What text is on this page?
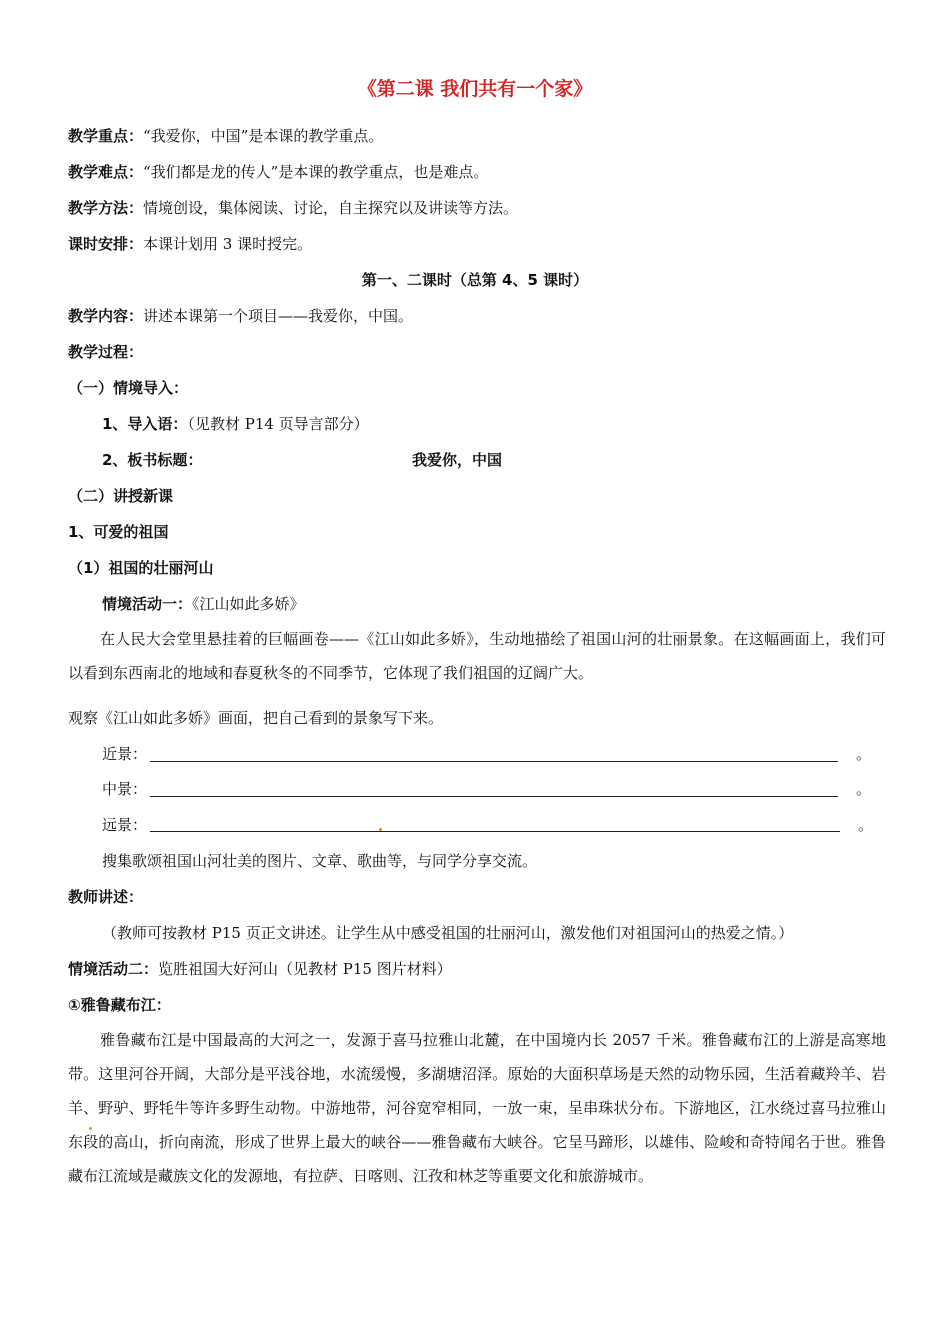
《第二课 我们共有一个家》
教学重点：“我爱你，中国”是本课的教学重点。
教学难点：“我们都是龙的传人”是本课的教学重点，也是难点。
教学方法：情境创设，集体阅读、讨论，自主探究以及讲读等方法。
课时安排：本课计划用 3 课时授完。
第一、二课时（总第 4、5 课时）
教学内容：讲述本课第一个项目——我爱你，中国。
教学过程：
（一）情境导入：
1、导入语：（见教材 P14 页导言部分）
2、板书标题：	我爱你，中国
（二）讲授新课
1、可爱的祖国
（1）祖国的壮丽河山
情境活动一：《江山如此多娇》
在人民大会堂里悬挂着的巨幅画卷——《江山如此多娇》，生动地描绘了祖国山河的壮丽景象。在这幅画面上，我们可以看到东西南北的地域和春夏秋冬的不同季节，它体现了我们祖国的辽阔广大。
观察《江山如此多娇》画面，把自己看到的景象写下来。
近景：	。
中景：	。
远景：	。
搜集歌颂祖国山河壮美的图片、文章、歌曲等，与同学分享交流。
教师讲述：
（教师可按教材 P15 页正文讲述。让学生从中感受祖国的壮丽河山，激发他们对祖国河山的热爱之情。）
情境活动二：览胜祖国大好河山（见教材 P15 图片材料）
①雅鲁藏布江：
雅鲁藏布江是中国最高的大河之一，发源于喜马拉雅山北麓，在中国境内长 2057 千米。雅鲁藏布江的上游是高寒地带。这里河谷开阔，大部分是平浅谷地，水流缓慢，多湖塘沼泽。原始的大面积草场是天然的动物乐园，生活着藏羚羊、岩羊、野驴、野牦牛等许多野生动物。中游地带，河谷宽窄相同，一放一束，呈串珠状分布。下游地区，江水绕过喜马拉雅山东段的高山，折向南流，形成了世界上最大的峡谷——雅鲁藏布大峡谷。它呈马蹄形，以雄伟、险峻和奇特闻名于世。雅鲁藏布江流域是藏族文化的发源地，有拉萨、日喀则、江孜和林芝等重要文化和旅游城市。
